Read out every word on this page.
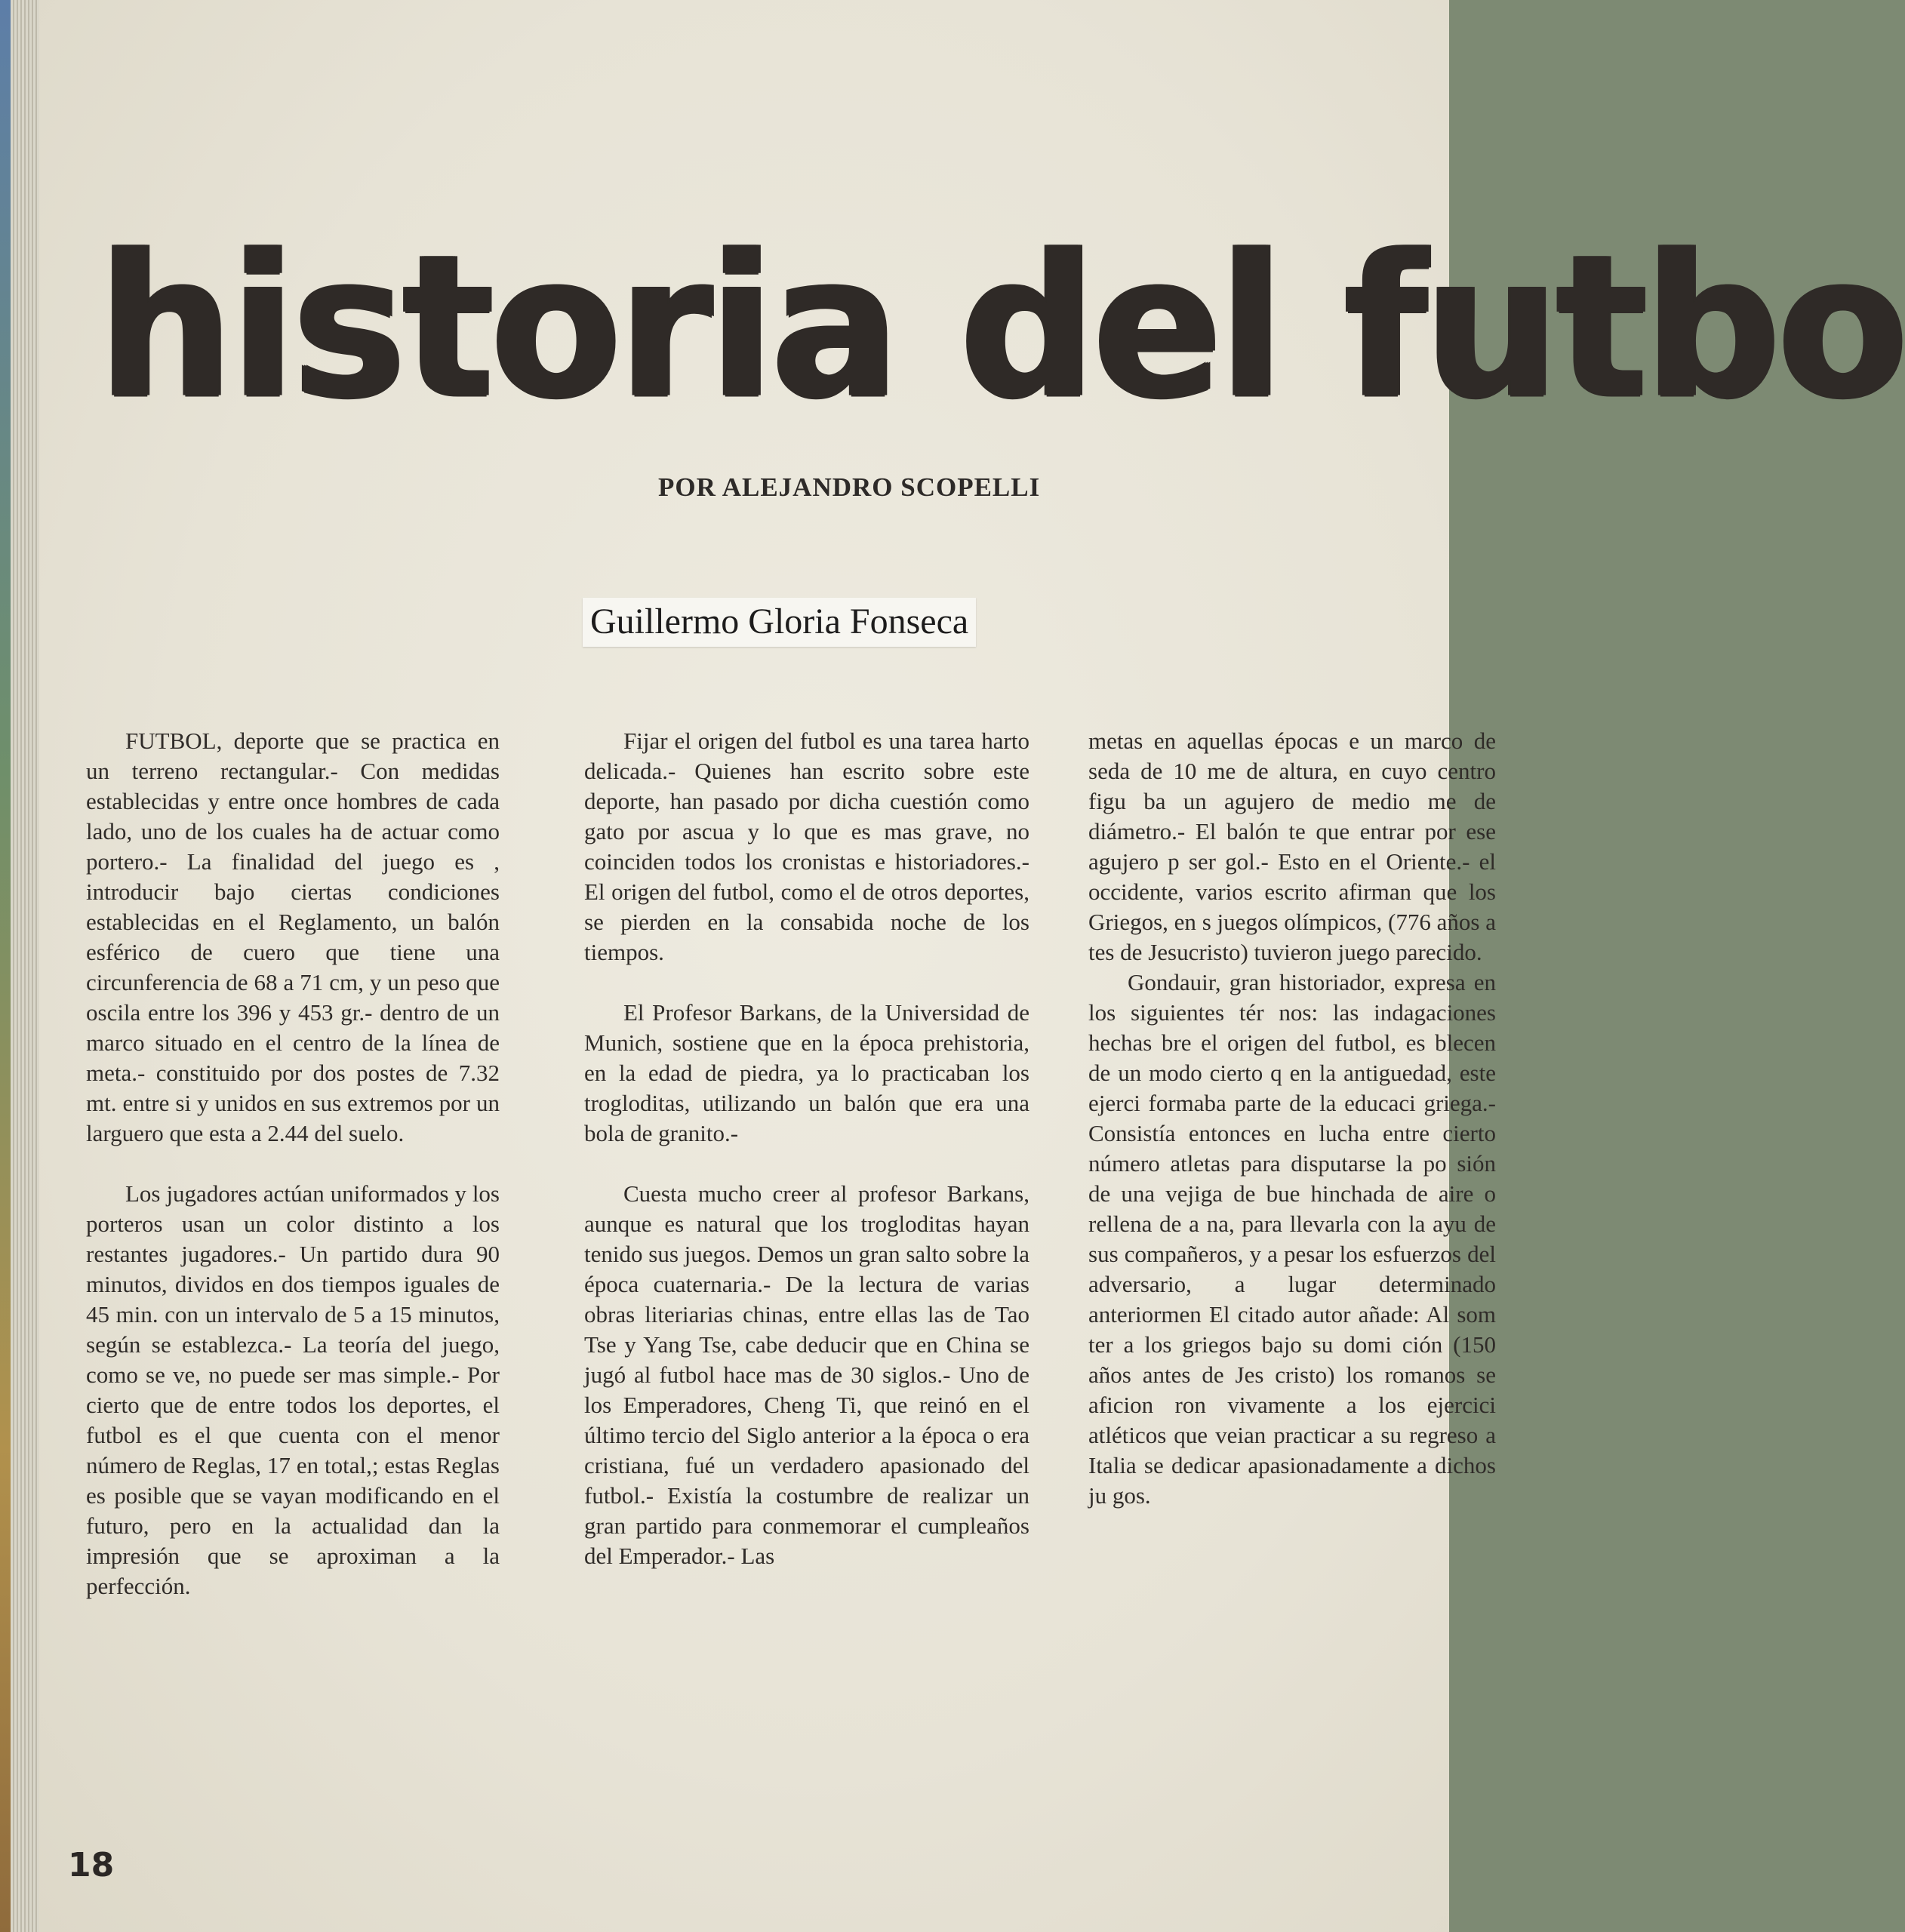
historia del futbo
POR ALEJANDRO SCOPELLI
Guillermo Gloria Fonseca

FUTBOL, deporte que se practica en un terreno rectangular.- Con medidas establecidas y entre once hombres de cada lado, uno de los cuales ha de actuar como portero.- La finalidad del juego es , introducir bajo ciertas condiciones establecidas en el Reglamento, un balón esférico de cuero que tiene una circunferencia de 68 a 71 cm, y un peso que oscila entre los 396 y 453 gr.- dentro de un marco situado en el centro de la línea de meta.- constituido por dos postes de 7.32 mt. entre si y unidos en sus extremos por un larguero que esta a 2.44 del suelo.

Los jugadores actúan uniformados y los porteros usan un color distinto a los restantes jugadores.- Un partido dura 90 minutos, dividos en dos tiempos iguales de 45 min. con un intervalo de 5 a 15 minutos, según se establezca.- La teoría del juego, como se ve, no puede ser mas simple.- Por cierto que de entre todos los deportes, el futbol es el que cuenta con el menor número de Reglas, 17 en total,; estas Reglas es posible que se vayan modificando en el futuro, pero en la actualidad dan la impresión que se aproximan a la perfección.

Fijar el origen del futbol es una tarea harto delicada.- Quienes han escrito sobre este deporte, han pasado por dicha cuestión como gato por ascua y lo que es mas grave, no coinciden todos los cronistas e historiadores.- El origen del futbol, como el de otros deportes, se pierden en la consabida noche de los tiempos.

El Profesor Barkans, de la Universidad de Munich, sostiene que en la época prehistoria, en la edad de piedra, ya lo practicaban los trogloditas, utilizando un balón que era una bola de granito.-

Cuesta mucho creer al profesor Barkans, aunque es natural que los trogloditas hayan tenido sus juegos. Demos un gran salto sobre la época cuaternaria.- De la lectura de varias obras literiarias chinas, entre ellas las de Tao Tse y Yang Tse, cabe deducir que en China se jugó al futbol hace mas de 30 siglos.- Uno de los Emperadores, Cheng Ti, que reinó en el último tercio del Siglo anterior a la época o era cristiana, fué un verdadero apasionado del futbol.- Existía la costumbre de realizar un gran partido para conmemorar el cumpleaños del Emperador.- Las

metas en aquellas épocas e un marco de seda de 10 me de altura, en cuyo centro figu ba un agujero de medio me de diámetro.- El balón te que entrar por ese agujero p ser gol.- Esto en el Oriente.- el occidente, varios escrito afirman que los Griegos, en s juegos olímpicos, (776 años a tes de Jesucristo) tuvieron juego parecido.

Gondauir, gran historiador, expresa en los siguientes tér nos: las indagaciones hechas bre el origen del futbol, es blecen de un modo cierto q en la antiguedad, este ejerci formaba parte de la educaci griega.- Consistía entonces en lucha entre cierto número atletas para disputarse la po sión de una vejiga de bue hinchada de aire o rellena de a na, para llevarla con la ayu de sus compañeros, y a pesar los esfuerzos del adversario, a lugar determinado anteriormen El citado autor añade: Al som ter a los griegos bajo su domi ción (150 años antes de Jes cristo) los romanos se aficion ron vivamente a los ejercici atléticos que veian practicar a su regreso a Italia se dedicar apasionadamente a dichos ju gos.

18
